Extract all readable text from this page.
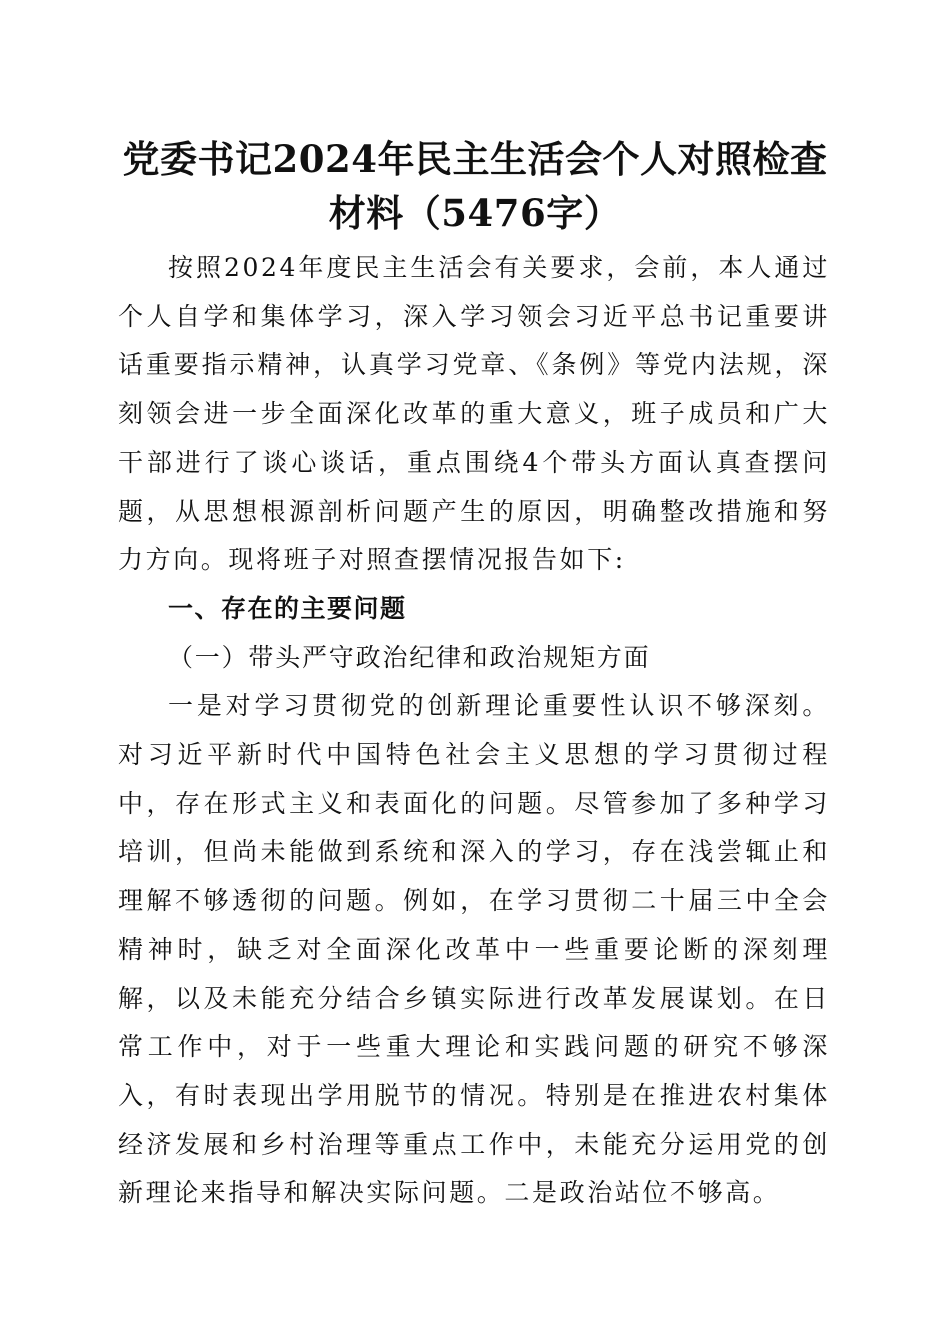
党委书记2024年民主生活会个人对照检查材料（5476字）

按照2024年度民主生活会有关要求，会前，本人通过个人自学和集体学习，深入学习领会习近平总书记重要讲话重要指示精神，认真学习党章、《条例》等党内法规，深刻领会进一步全面深化改革的重大意义，班子成员和广大干部进行了谈心谈话，重点围绕4个带头方面认真查摆问题，从思想根源剖析问题产生的原因，明确整改措施和努力方向。现将班子对照查摆情况报告如下:

一、存在的主要问题

（一）带头严守政治纪律和政治规矩方面

一是对学习贯彻党的创新理论重要性认识不够深刻。对习近平新时代中国特色社会主义思想的学习贯彻过程中，存在形式主义和表面化的问题。尽管参加了多种学习培训，但尚未能做到系统和深入的学习，存在浅尝辄止和理解不够透彻的问题。例如，在学习贯彻二十届三中全会精神时，缺乏对全面深化改革中一些重要论断的深刻理解，以及未能充分结合乡镇实际进行改革发展谋划。在日常工作中，对于一些重大理论和实践问题的研究不够深入，有时表现出学用脱节的情况。特别是在推进农村集体经济发展和乡村治理等重点工作中，未能充分运用党的创新理论来指导和解决实际问题。二是政治站位不够高。
